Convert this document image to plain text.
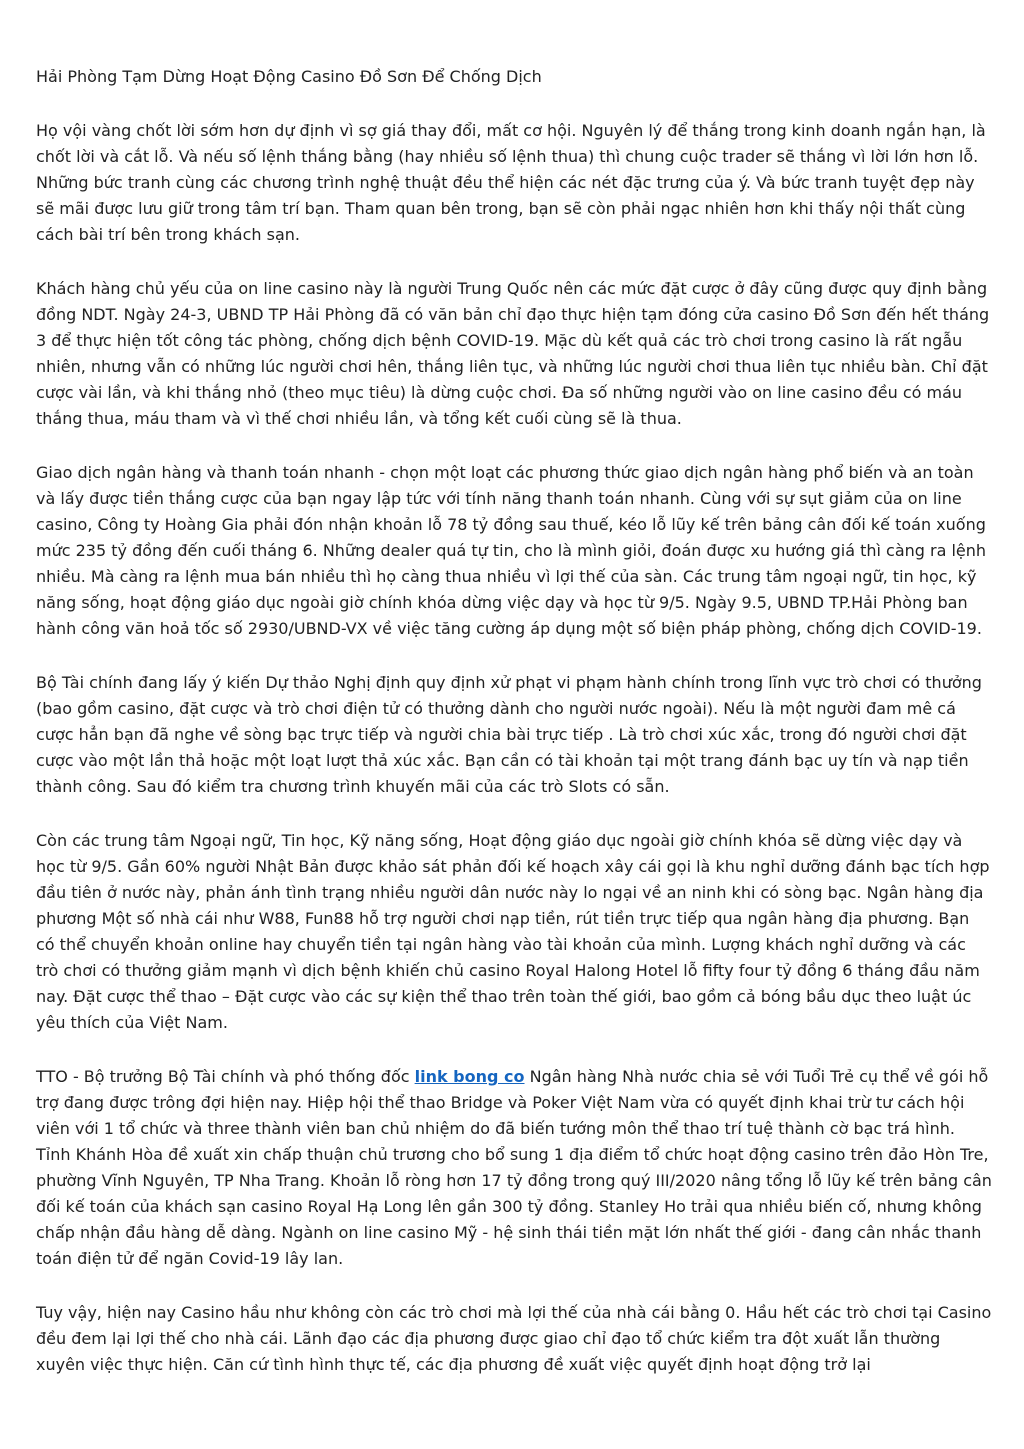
Hải Phòng Tạm Dừng Hoạt Động Casino Đồ Sơn Để Chống Dịch

Họ vội vàng chốt lời sớm hơn dự định vì sợ giá thay đổi, mất cơ hội. Nguyên lý để thắng trong kinh doanh ngắn hạn, là chốt lời và cắt lỗ. Và nếu số lệnh thắng bằng (hay nhiều số lệnh thua) thì chung cuộc trader sẽ thắng vì lời lớn hơn lỗ. Những bức tranh cùng các chương trình nghệ thuật đều thể hiện các nét đặc trưng của ý. Và bức tranh tuyệt đẹp này sẽ mãi được lưu giữ trong tâm trí bạn. Tham quan bên trong, bạn sẽ còn phải ngạc nhiên hơn khi thấy nội thất cùng cách bài trí bên trong khách sạn.

Khách hàng chủ yếu của on line casino này là người Trung Quốc nên các mức đặt cược ở đây cũng được quy định bằng đồng NDT. Ngày 24-3, UBND TP Hải Phòng đã có văn bản chỉ đạo thực hiện tạm đóng cửa casino Đồ Sơn đến hết tháng 3 để thực hiện tốt công tác phòng, chống dịch bệnh COVID-19. Mặc dù kết quả các trò chơi trong casino là rất ngẫu nhiên, nhưng vẫn có những lúc người chơi hên, thắng liên tục, và những lúc người chơi thua liên tục nhiều bàn. Chỉ đặt cược vài lần, và khi thắng nhỏ (theo mục tiêu) là dừng cuộc chơi. Đa số những người vào on line casino đều có máu thắng thua, máu tham và vì thế chơi nhiều lần, và tổng kết cuối cùng sẽ là thua.

Giao dịch ngân hàng và thanh toán nhanh - chọn một loạt các phương thức giao dịch ngân hàng phổ biến và an toàn và lấy được tiền thắng cược của bạn ngay lập tức với tính năng thanh toán nhanh. Cùng với sự sụt giảm của on line casino, Công ty Hoàng Gia phải đón nhận khoản lỗ 78 tỷ đồng sau thuế, kéo lỗ lũy kế trên bảng cân đối kế toán xuống mức 235 tỷ đồng đến cuối tháng 6. Những dealer quá tự tin, cho là mình giỏi, đoán được xu hướng giá thì càng ra lệnh nhiều. Mà càng ra lệnh mua bán nhiều thì họ càng thua nhiều vì lợi thế của sàn. Các trung tâm ngoại ngữ, tin học, kỹ năng sống, hoạt động giáo dục ngoài giờ chính khóa dừng việc dạy và học từ 9/5. Ngày 9.5, UBND TP.Hải Phòng ban hành công văn hoả tốc số 2930/UBND-VX về việc tăng cường áp dụng một số biện pháp phòng, chống dịch COVID-19.

Bộ Tài chính đang lấy ý kiến Dự thảo Nghị định quy định xử phạt vi phạm hành chính trong lĩnh vực trò chơi có thưởng (bao gồm casino, đặt cược và trò chơi điện tử có thưởng dành cho người nước ngoài). Nếu là một người đam mê cá cược hẳn bạn đã nghe về sòng bạc trực tiếp và người chia bài trực tiếp . Là trò chơi xúc xắc, trong đó người chơi đặt cược vào một lần thả hoặc một loạt lượt thả xúc xắc. Bạn cần có tài khoản tại một trang đánh bạc uy tín và nạp tiền thành công. Sau đó kiểm tra chương trình khuyến mãi của các trò Slots có sẵn.

Còn các trung tâm Ngoại ngữ, Tin học, Kỹ năng sống, Hoạt động giáo dục ngoài giờ chính khóa sẽ dừng việc dạy và học từ 9/5. Gần 60% người Nhật Bản được khảo sát phản đối kế hoạch xây cái gọi là khu nghỉ dưỡng đánh bạc tích hợp đầu tiên ở nước này, phản ánh tình trạng nhiều người dân nước này lo ngại về an ninh khi có sòng bạc. Ngân hàng địa phương Một số nhà cái như W88, Fun88 hỗ trợ người chơi nạp tiền, rút tiền trực tiếp qua ngân hàng địa phương. Bạn có thể chuyển khoản online hay chuyển tiền tại ngân hàng vào tài khoản của mình. Lượng khách nghỉ dưỡng và các trò chơi có thưởng giảm mạnh vì dịch bệnh khiến chủ casino Royal Halong Hotel lỗ fifty four tỷ đồng 6 tháng đầu năm nay. Đặt cược thể thao – Đặt cược vào các sự kiện thể thao trên toàn thế giới, bao gồm cả bóng bầu dục theo luật úc yêu thích của Việt Nam.

TTO - Bộ trưởng Bộ Tài chính và phó thống đốc link bong co Ngân hàng Nhà nước chia sẻ với Tuổi Trẻ cụ thể về gói hỗ trợ đang được trông đợi hiện nay. Hiệp hội thể thao Bridge và Poker Việt Nam vừa có quyết định khai trừ tư cách hội viên với 1 tổ chức và three thành viên ban chủ nhiệm do đã biến tướng môn thể thao trí tuệ thành cờ bạc trá hình. Tỉnh Khánh Hòa đề xuất xin chấp thuận chủ trương cho bổ sung 1 địa điểm tổ chức hoạt động casino trên đảo Hòn Tre, phường Vĩnh Nguyên, TP Nha Trang. Khoản lỗ ròng hơn 17 tỷ đồng trong quý III/2020 nâng tổng lỗ lũy kế trên bảng cân đối kế toán của khách sạn casino Royal Hạ Long lên gần 300 tỷ đồng. Stanley Ho trải qua nhiều biến cố, nhưng không chấp nhận đầu hàng dễ dàng. Ngành on line casino Mỹ - hệ sinh thái tiền mặt lớn nhất thế giới - đang cân nhắc thanh toán điện tử để ngăn Covid-19 lây lan.

Tuy vậy, hiện nay Casino hầu như không còn các trò chơi mà lợi thế của nhà cái bằng 0. Hầu hết các trò chơi tại Casino đều đem lại lợi thế cho nhà cái. Lãnh đạo các địa phương được giao chỉ đạo tổ chức kiểm tra đột xuất lẫn thường xuyên việc thực hiện. Căn cứ tình hình thực tế, các địa phương đề xuất việc quyết định hoạt động trở lại
